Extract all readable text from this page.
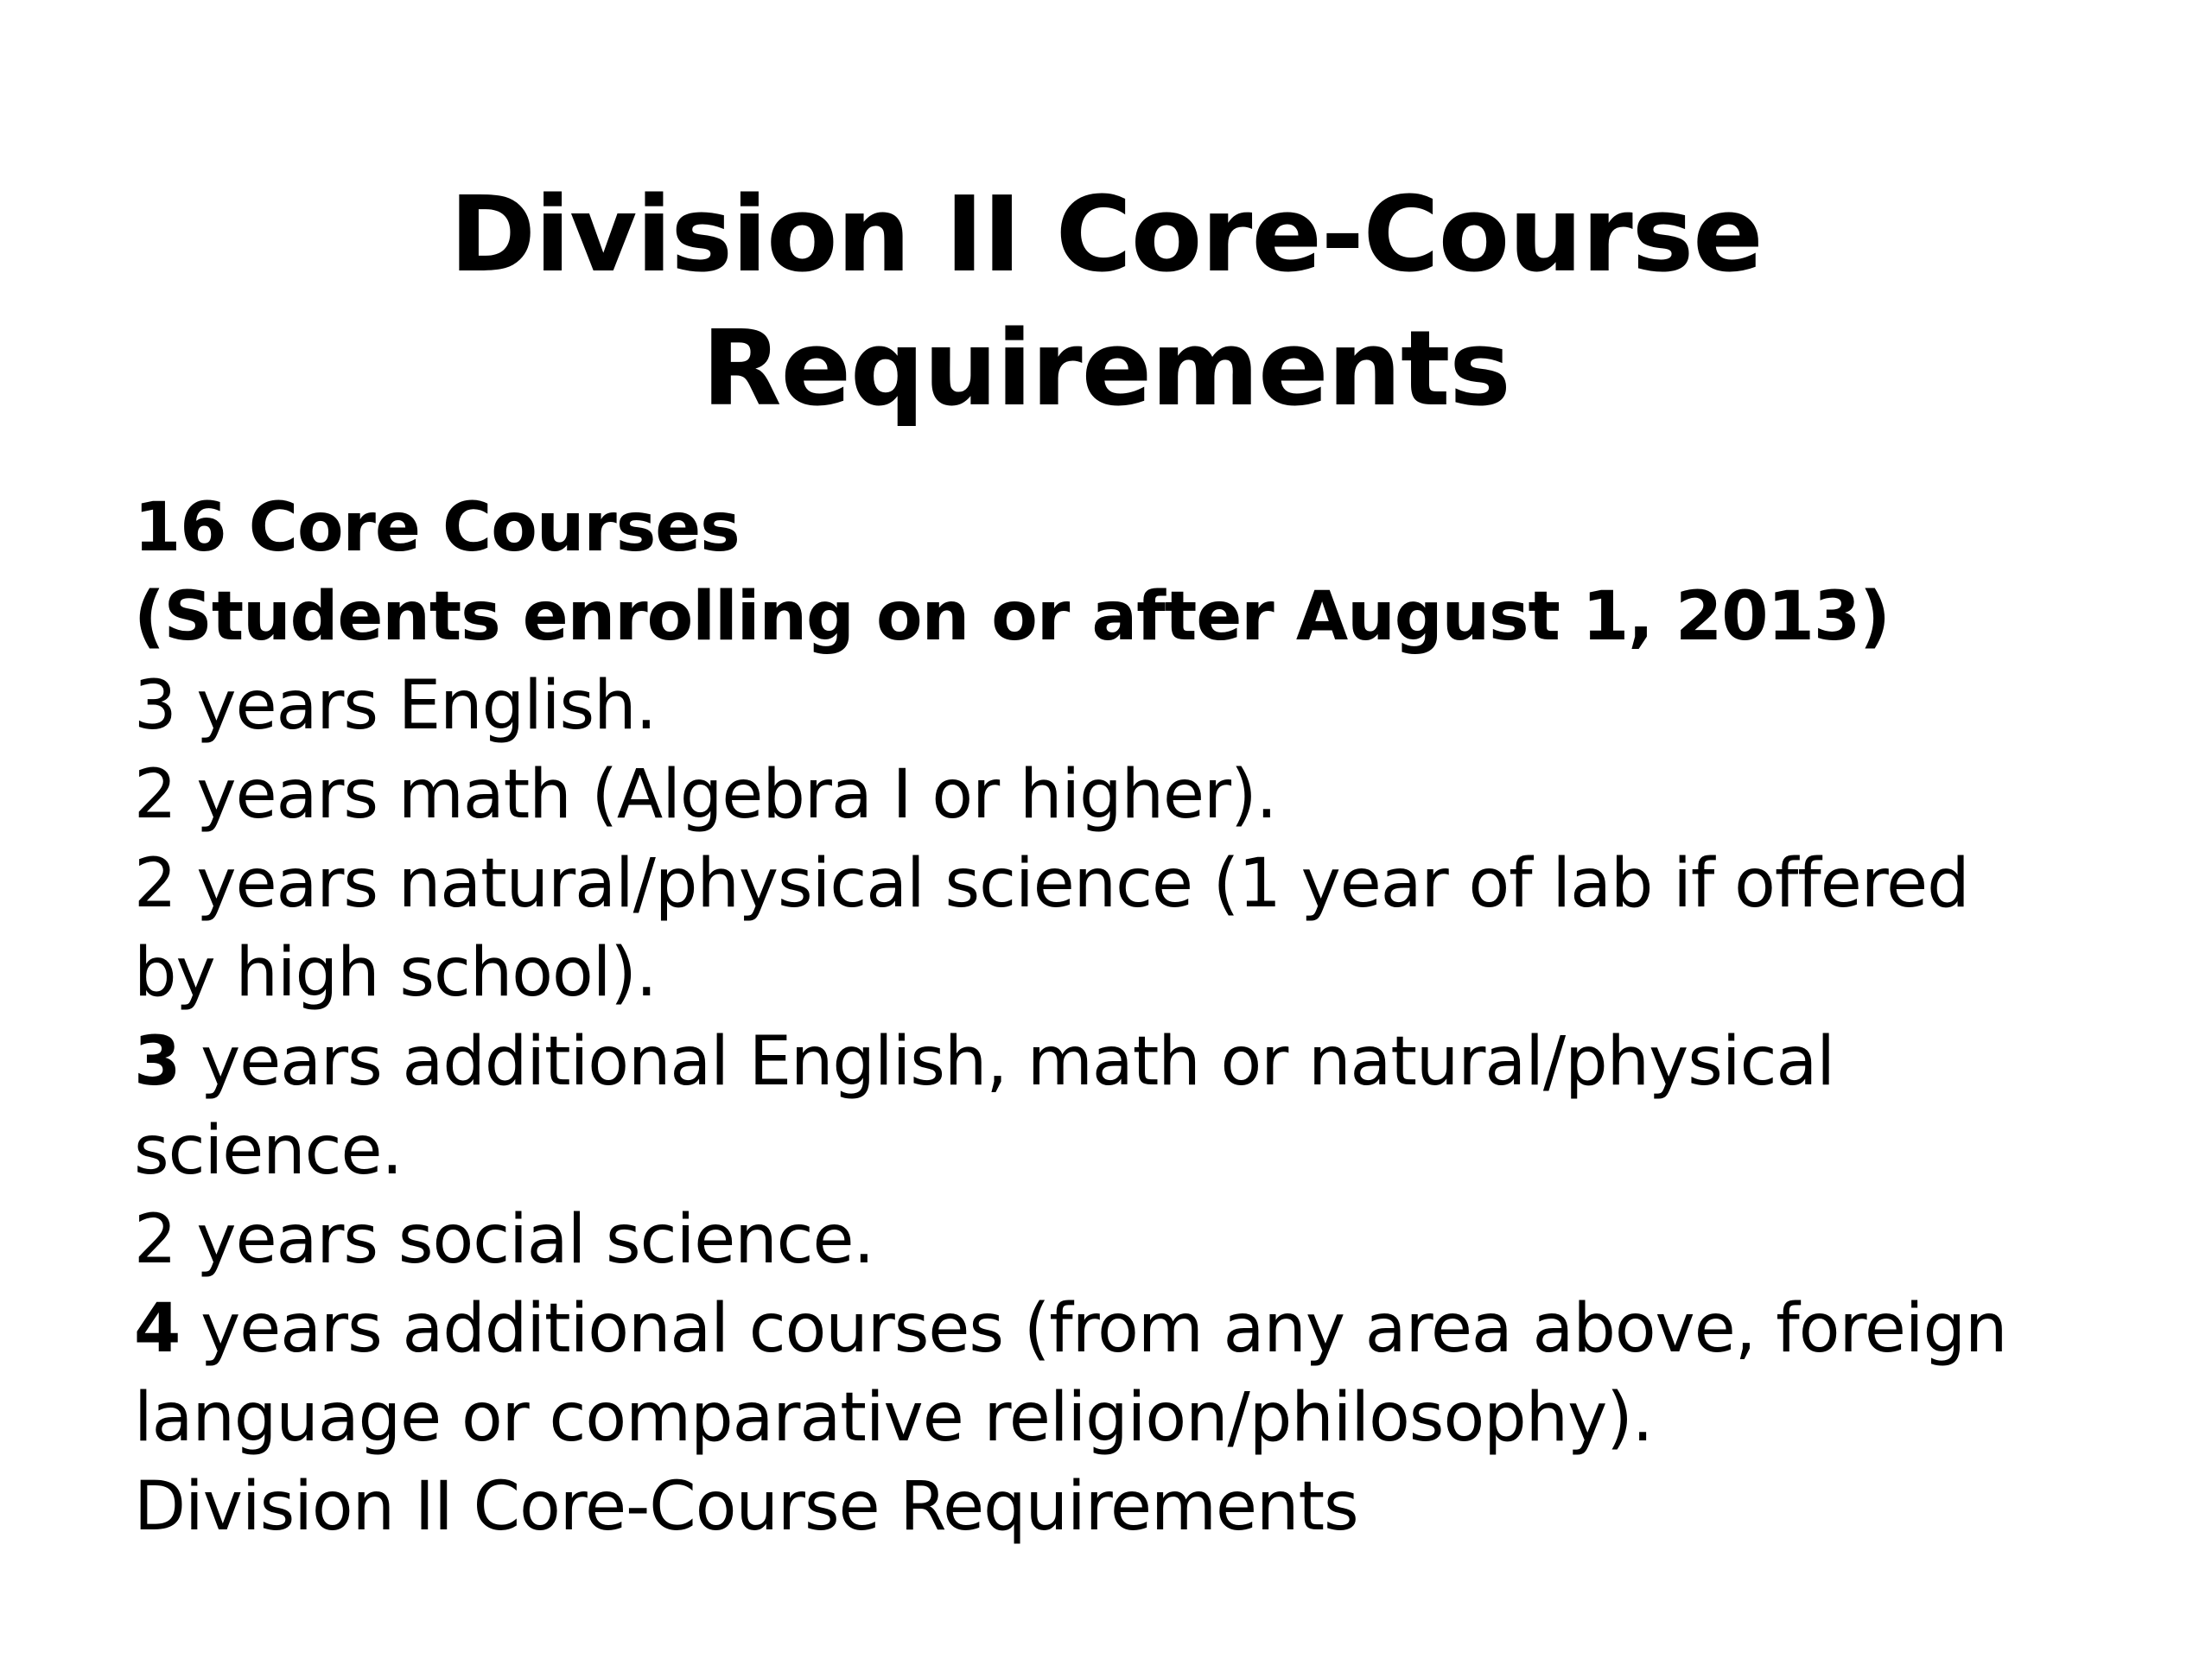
Division II Core-Course
Requirements
16 Core Courses
(Students enrolling on or after August 1, 2013)
3 years English.
2 years math (Algebra I or higher).
2 years natural/physical science (1 year of lab if offered
by high school).
3 years additional English, math or natural/physical
science.
2 years social science.
4 years additional courses (from any area above, foreign
language or comparative religion/philosophy).
Division II Core-Course Requirements
